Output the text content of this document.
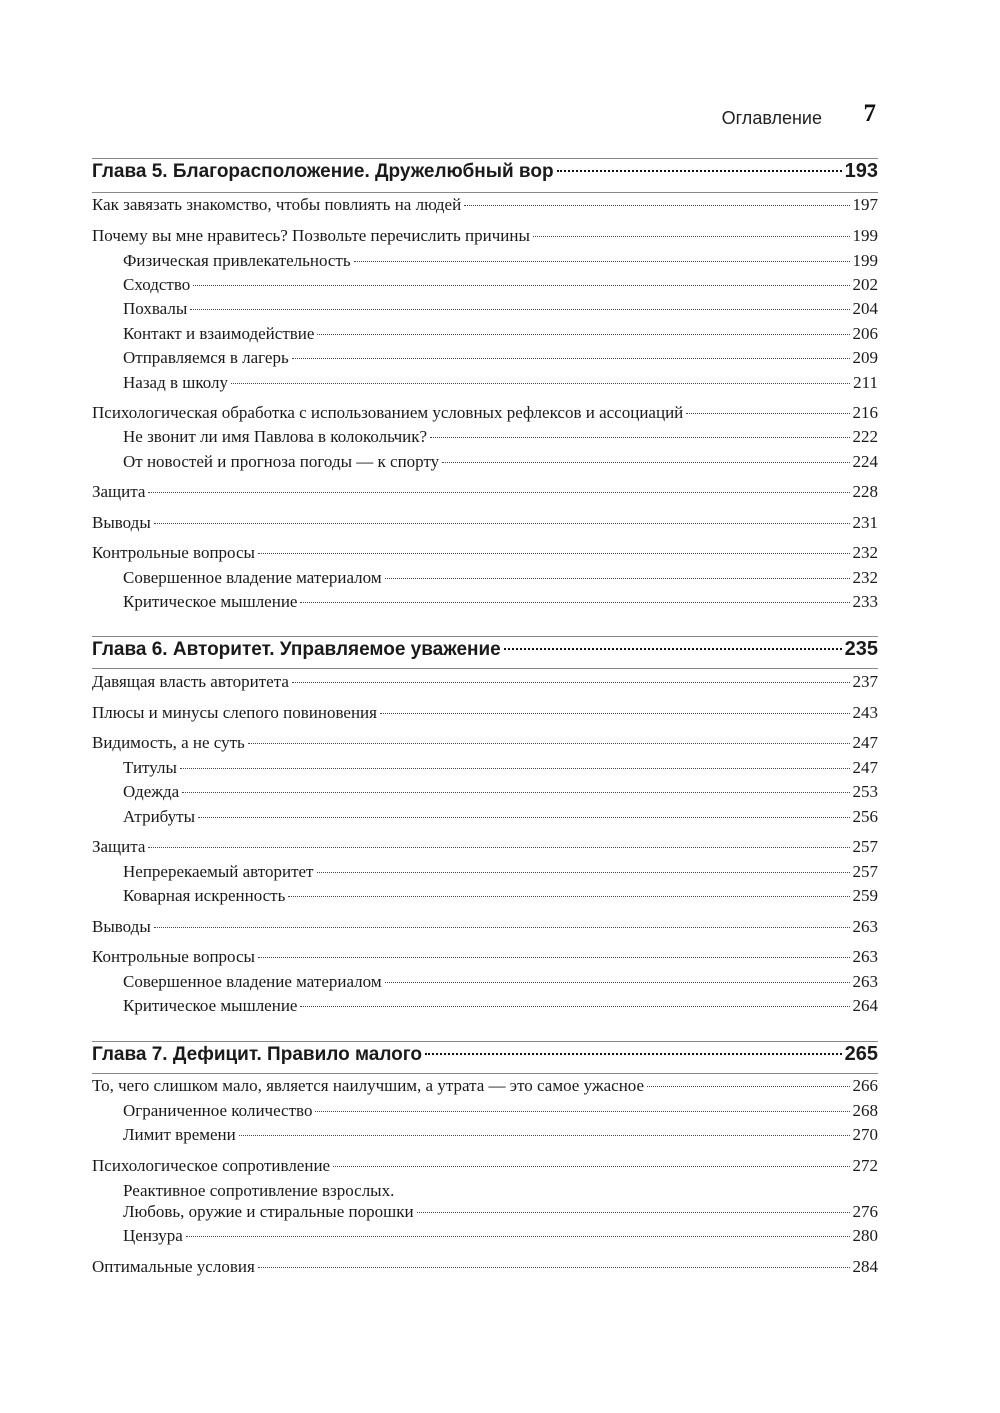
Оглавление 7
Глава 5. Благорасположение. Дружелюбный вор	193
Как завязать знакомство, чтобы повлиять на людей	197
Почему вы мне нравитесь? Позвольте перечислить причины	199
Физическая привлекательность	199
Сходство	202
Похвалы	204
Контакт и взаимодействие	206
Отправляемся в лагерь	209
Назад в школу	211
Психологическая обработка с использованием условных рефлексов и ассоциаций	216
Не звонит ли имя Павлова в колокольчик?	222
От новостей и прогноза погоды — к спорту	224
Защита	228
Выводы	231
Контрольные вопросы	232
Совершенное владение материалом	232
Критическое мышление	233
Глава 6. Авторитет. Управляемое уважение	235
Давящая власть авторитета	237
Плюсы и минусы слепого повиновения	243
Видимость, а не суть	247
Титулы	247
Одежда	253
Атрибуты	256
Защита	257
Непререкаемый авторитет	257
Коварная искренность	259
Выводы	263
Контрольные вопросы	263
Совершенное владение материалом	263
Критическое мышление	264
Глава 7. Дефицит. Правило малого	265
То, чего слишком мало, является наилучшим, а утрата — это самое ужасное	266
Ограниченное количество	268
Лимит времени	270
Психологическое сопротивление	272
Реактивное сопротивление взрослых.
Любовь, оружие и стиральные порошки	276
Цензура	280
Оптимальные условия	284
